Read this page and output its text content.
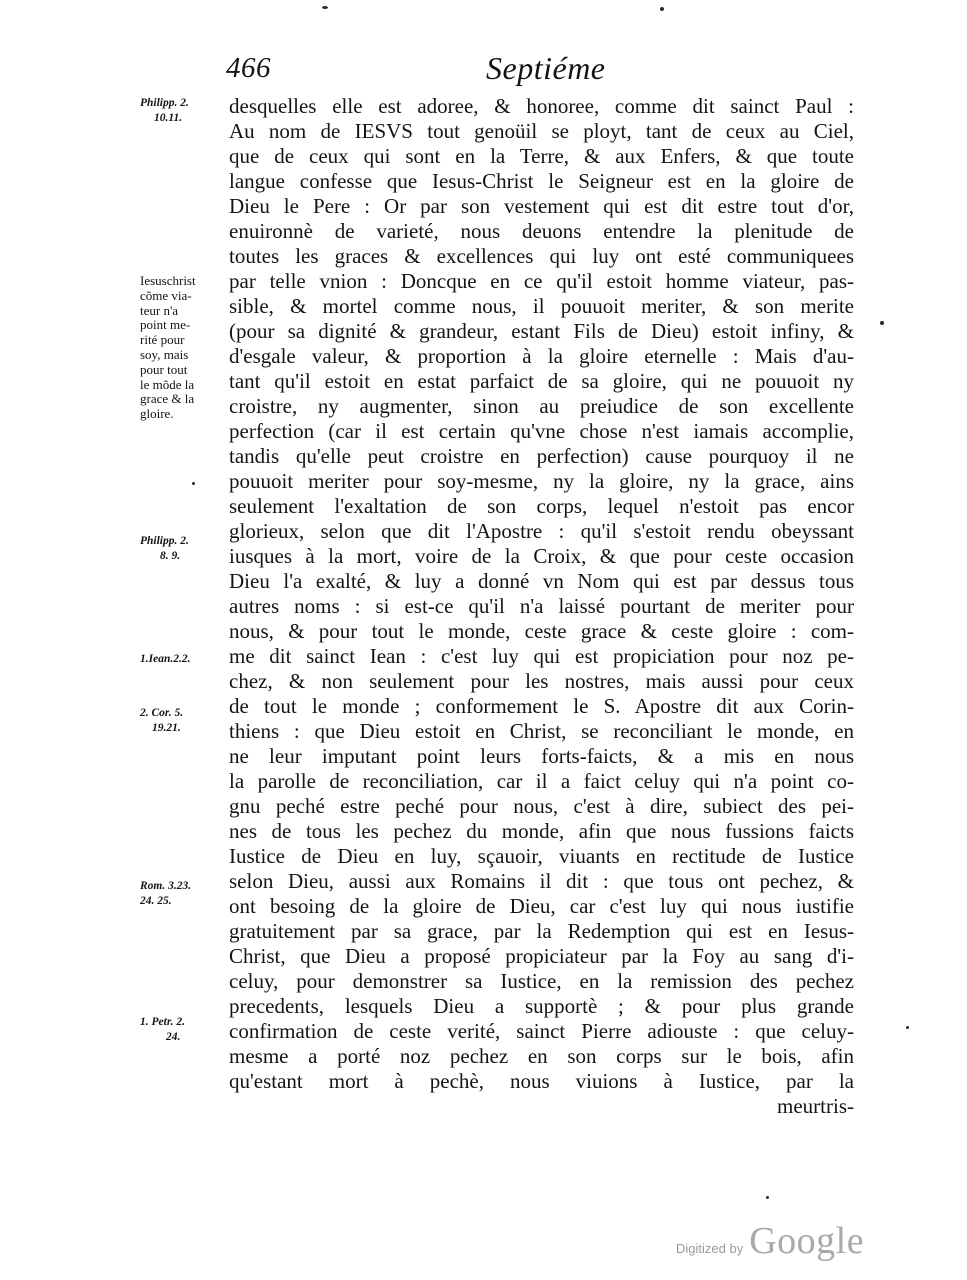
466	Septiéme
desquelles elle est adoree, & honoree, comme dit sainct Paul :
Au nom de IESVS tout genoüil se ployt, tant de ceux au Ciel,
que de ceux qui sont en la Terre, & aux Enfers, & que toute
langue confesse que Iesus-Christ le Seigneur est en la gloire de
Dieu le Pere : Or par son vestement qui est dit estre tout d'or,
enuironnè de varieté, nous deuons entendre la plenitude de
toutes les graces & excellences qui luy ont esté communiquees
par telle vnion : Doncque en ce qu'il estoit homme viateur, pas-
sible, & mortel comme nous, il pouuoit meriter, & son merite
(pour sa dignité & grandeur, estant Fils de Dieu) estoit infiny, &
d'esgale valeur, & proportion à la gloire eternelle : Mais d'au-
tant qu'il estoit en estat parfaict de sa gloire, qui ne pouuoit ny
croistre, ny augmenter, sinon au preiudice de son excellente
perfection (car il est certain qu'vne chose n'est iamais accomplie,
tandis qu'elle peut croistre en perfection) cause pourquoy il ne
pouuoit meriter pour soy-mesme, ny la gloire, ny la grace, ains
seulement l'exaltation de son corps, lequel n'estoit pas encor
glorieux, selon que dit l'Apostre : qu'il s'estoit rendu obeyssant
iusques à la mort, voire de la Croix, & que pour ceste occasion
Dieu l'a exalté, & luy a donné vn Nom qui est par dessus tous
autres noms : si est-ce qu'il n'a laissé pourtant de meriter pour
nous, & pour tout le monde, ceste grace & ceste gloire : com-
me dit sainct Iean : c'est luy qui est propiciation pour noz pe-
chez, & non seulement pour les nostres, mais aussi pour ceux
de tout le monde ; conformement le S. Apostre dit aux Corin-
thiens : que Dieu estoit en Christ, se reconciliant le monde, en
ne leur imputant point leurs forts-faicts, & a mis en nous
la parolle de reconciliation, car il a faict celuy qui n'a point co-
gnu peché estre peché pour nous, c'est à dire, subiect des pei-
nes de tous les pechez du monde, afin que nous fussions faicts
Iustice de Dieu en luy, sçauoir, viuants en rectitude de Iustice
selon Dieu, aussi aux Romains il dit : que tous ont pechez, &
ont besoing de la gloire de Dieu, car c'est luy qui nous iustifie
gratuitement par sa grace, par la Redemption qui est en Iesus-
Christ, que Dieu a proposé propiciateur par la Foy au sang d'i-
celuy, pour demonstrer sa Iustice, en la remission des pechez
precedents, lesquels Dieu a supportè ; & pour plus grande
confirmation de ceste verité, sainct Pierre adiouste : que celuy-
mesme a porté noz pechez en son corps sur le bois, afin
qu'estant mort à pechè, nous viuions à Iustice, par la
meurtris-
Philipp. 2.
10.11.
Iesuschrist
cõme via-
teur n'a
point me-
rité pour
soy, mais
pour tout
le mõde la
grace & la
gloire.
Philipp. 2.
8. 9.
1.Iean.2.2.
2. Cor. 5.
19.21.
Rom. 3.23.
24. 25.
1. Petr. 2.
24.
Digitized by Google
